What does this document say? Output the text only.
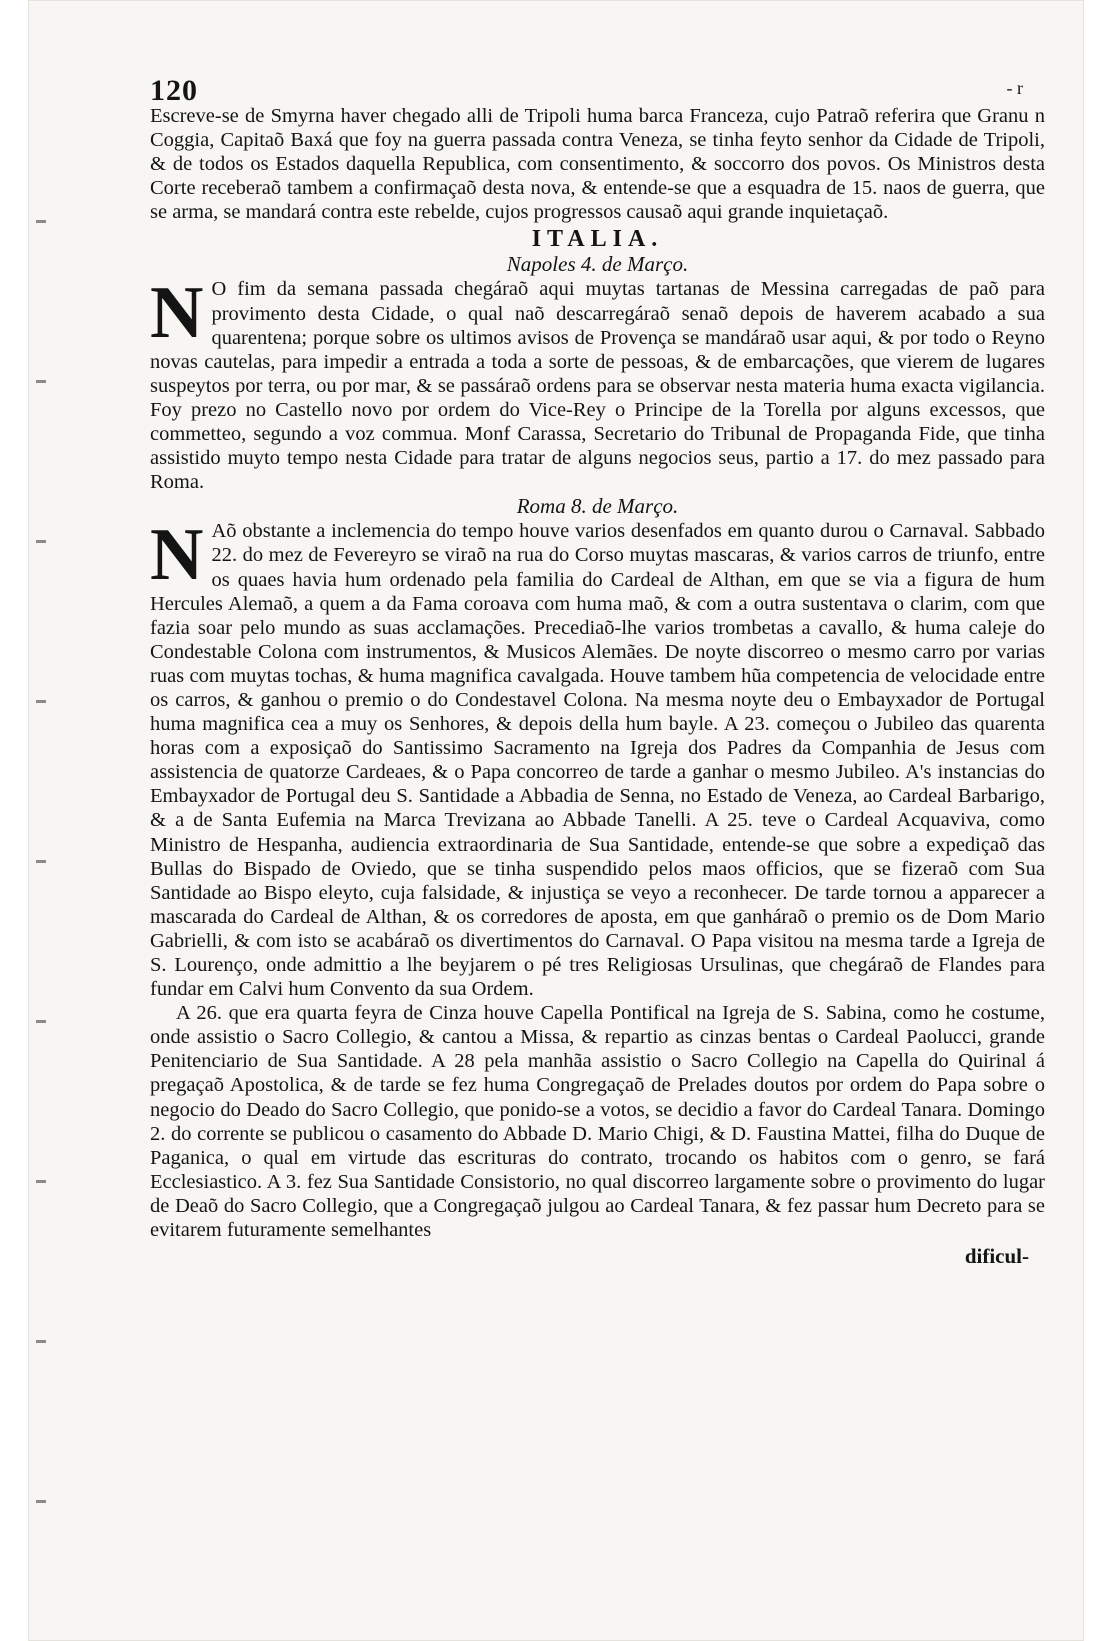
120	- r

Escreve-se de Smyrna haver chegado alli de Tripoli huma barca Franceza, cujo Patraõ referira que Granu n Coggia, Capitaõ Baxá que foy na guerra passada contra Veneza, se tinha feyto senhor da Cidade de Tripoli, & de todos os Estados daquella Republica, com consentimento, & soccorro dos povos. Os Ministros desta Corte receberaõ tambem a confirmaçaõ desta nova, & entende-se que a esquadra de 15. naos de guerra, que se arma, se mandará contra este rebelde, cujos progressos causaõ aqui grande inquietaçaõ.

ITALIA.

Napoles 4. de Março.

N O fim da semana passada chegáraõ aqui muytas tartanas de Messina carregadas de paõ para provimento desta Cidade, o qual naõ descarregáraõ senaõ depois de haverem acabado a sua quarentena; porque sobre os ultimos avisos de Provença se mandáraõ usar aqui, & por todo o Reyno novas cautelas, para impedir a entrada a toda a sorte de pessoas, & de embarcações, que vierem de lugares suspeytos por terra, ou por mar, & se passáraõ ordens para se observar nesta materia huma exacta vigilancia. Foy prezo no Castello novo por ordem do Vice-Rey o Principe de la Torella por alguns excessos, que commetteo, segundo a voz commua. Monf Carassa, Secretario do Tribunal de Propaganda Fide, que tinha assistido muyto tempo nesta Cidade para tratar de alguns negocios seus, partio a 17. do mez passado para Roma.

Roma 8. de Março.

N Aõ obstante a inclemencia do tempo houve varios desenfados em quanto durou o Carnaval. Sabbado 22. do mez de Fevereyro se viraõ na rua do Corso muytas mascaras, & varios carros de triunfo, entre os quaes havia hum ordenado pela familia do Cardeal de Althan, em que se via a figura de hum Hercules Alemaõ, a quem a da Fama coroava com huma maõ, & com a outra sustentava o clarim, com que fazia soar pelo mundo as suas acclamações. Precediaõ-lhe varios trombetas a cavallo, & huma caleje do Condestable Colona com instrumentos, & Musicos Alemães. De noyte discorreo o mesmo carro por varias ruas com muytas tochas, & huma magnifica cavalgada. Houve tambem hũa competencia de velocidade entre os carros, & ganhou o premio o do Condestavel Colona. Na mesma noyte deu o Embayxador de Portugal huma magnifica cea a muy os Senhores, & depois della hum bayle. A 23. começou o Jubileo das quarenta horas com a exposiçaõ do Santissimo Sacramento na Igreja dos Padres da Companhia de Jesus com assistencia de quatorze Cardeaes, & o Papa concorreo de tarde a ganhar o mesmo Jubileo. A's instancias do Embayxador de Portugal deu S. Santidade a Abbadia de Senna, no Estado de Veneza, ao Cardeal Barbarigo, & a de Santa Eufemia na Marca Trevizana ao Abbade Tanelli. A 25. teve o Cardeal Acquaviva, como Ministro de Hespanha, audiencia extraordinaria de Sua Santidade, entende-se que sobre a expediçaõ das Bullas do Bispado de Oviedo, que se tinha suspendido pelos maos officios, que se fizeraõ com Sua Santidade ao Bispo eleyto, cuja falsidade, & injustiça se veyo a reconhecer. De tarde tornou a apparecer a mascarada do Cardeal de Althan, & os corredores de aposta, em que ganháraõ o premio os de Dom Mario Gabrielli, & com isto se acabáraõ os divertimentos do Carnaval. O Papa visitou na mesma tarde a Igreja de S. Lourenço, onde admittio a lhe beyjarem o pé tres Religiosas Ursulinas, que chegáraõ de Flandes para fundar em Calvi hum Convento da sua Ordem.

A 26. que era quarta feyra de Cinza houve Capella Pontifical na Igreja de S. Sabina, como he costume, onde assistio o Sacro Collegio, & cantou a Missa, & repartio as cinzas bentas o Cardeal Paolucci, grande Penitenciario de Sua Santidade. A 28 pela manhãa assistio o Sacro Collegio na Capella do Quirinal á pregaçaõ Apostolica, & de tarde se fez huma Congregaçaõ de Prelades doutos por ordem do Papa sobre o negocio do Deado do Sacro Collegio, que ponido-se a votos, se decidio a favor do Cardeal Tanara. Domingo 2. do corrente se publicou o casamento do Abbade D. Mario Chigi, & D. Faustina Mattei, filha do Duque de Paganica, o qual em virtude das escrituras do contrato, trocando os habitos com o genro, se fará Ecclesiastico. A 3. fez Sua Santidade Consistorio, no qual discorreo largamente sobre o provimento do lugar de Deaõ do Sacro Collegio, que a Congregaçaõ julgou ao Cardeal Tanara, & fez passar hum Decreto para se evitarem futuramente semelhantes

dificul-
